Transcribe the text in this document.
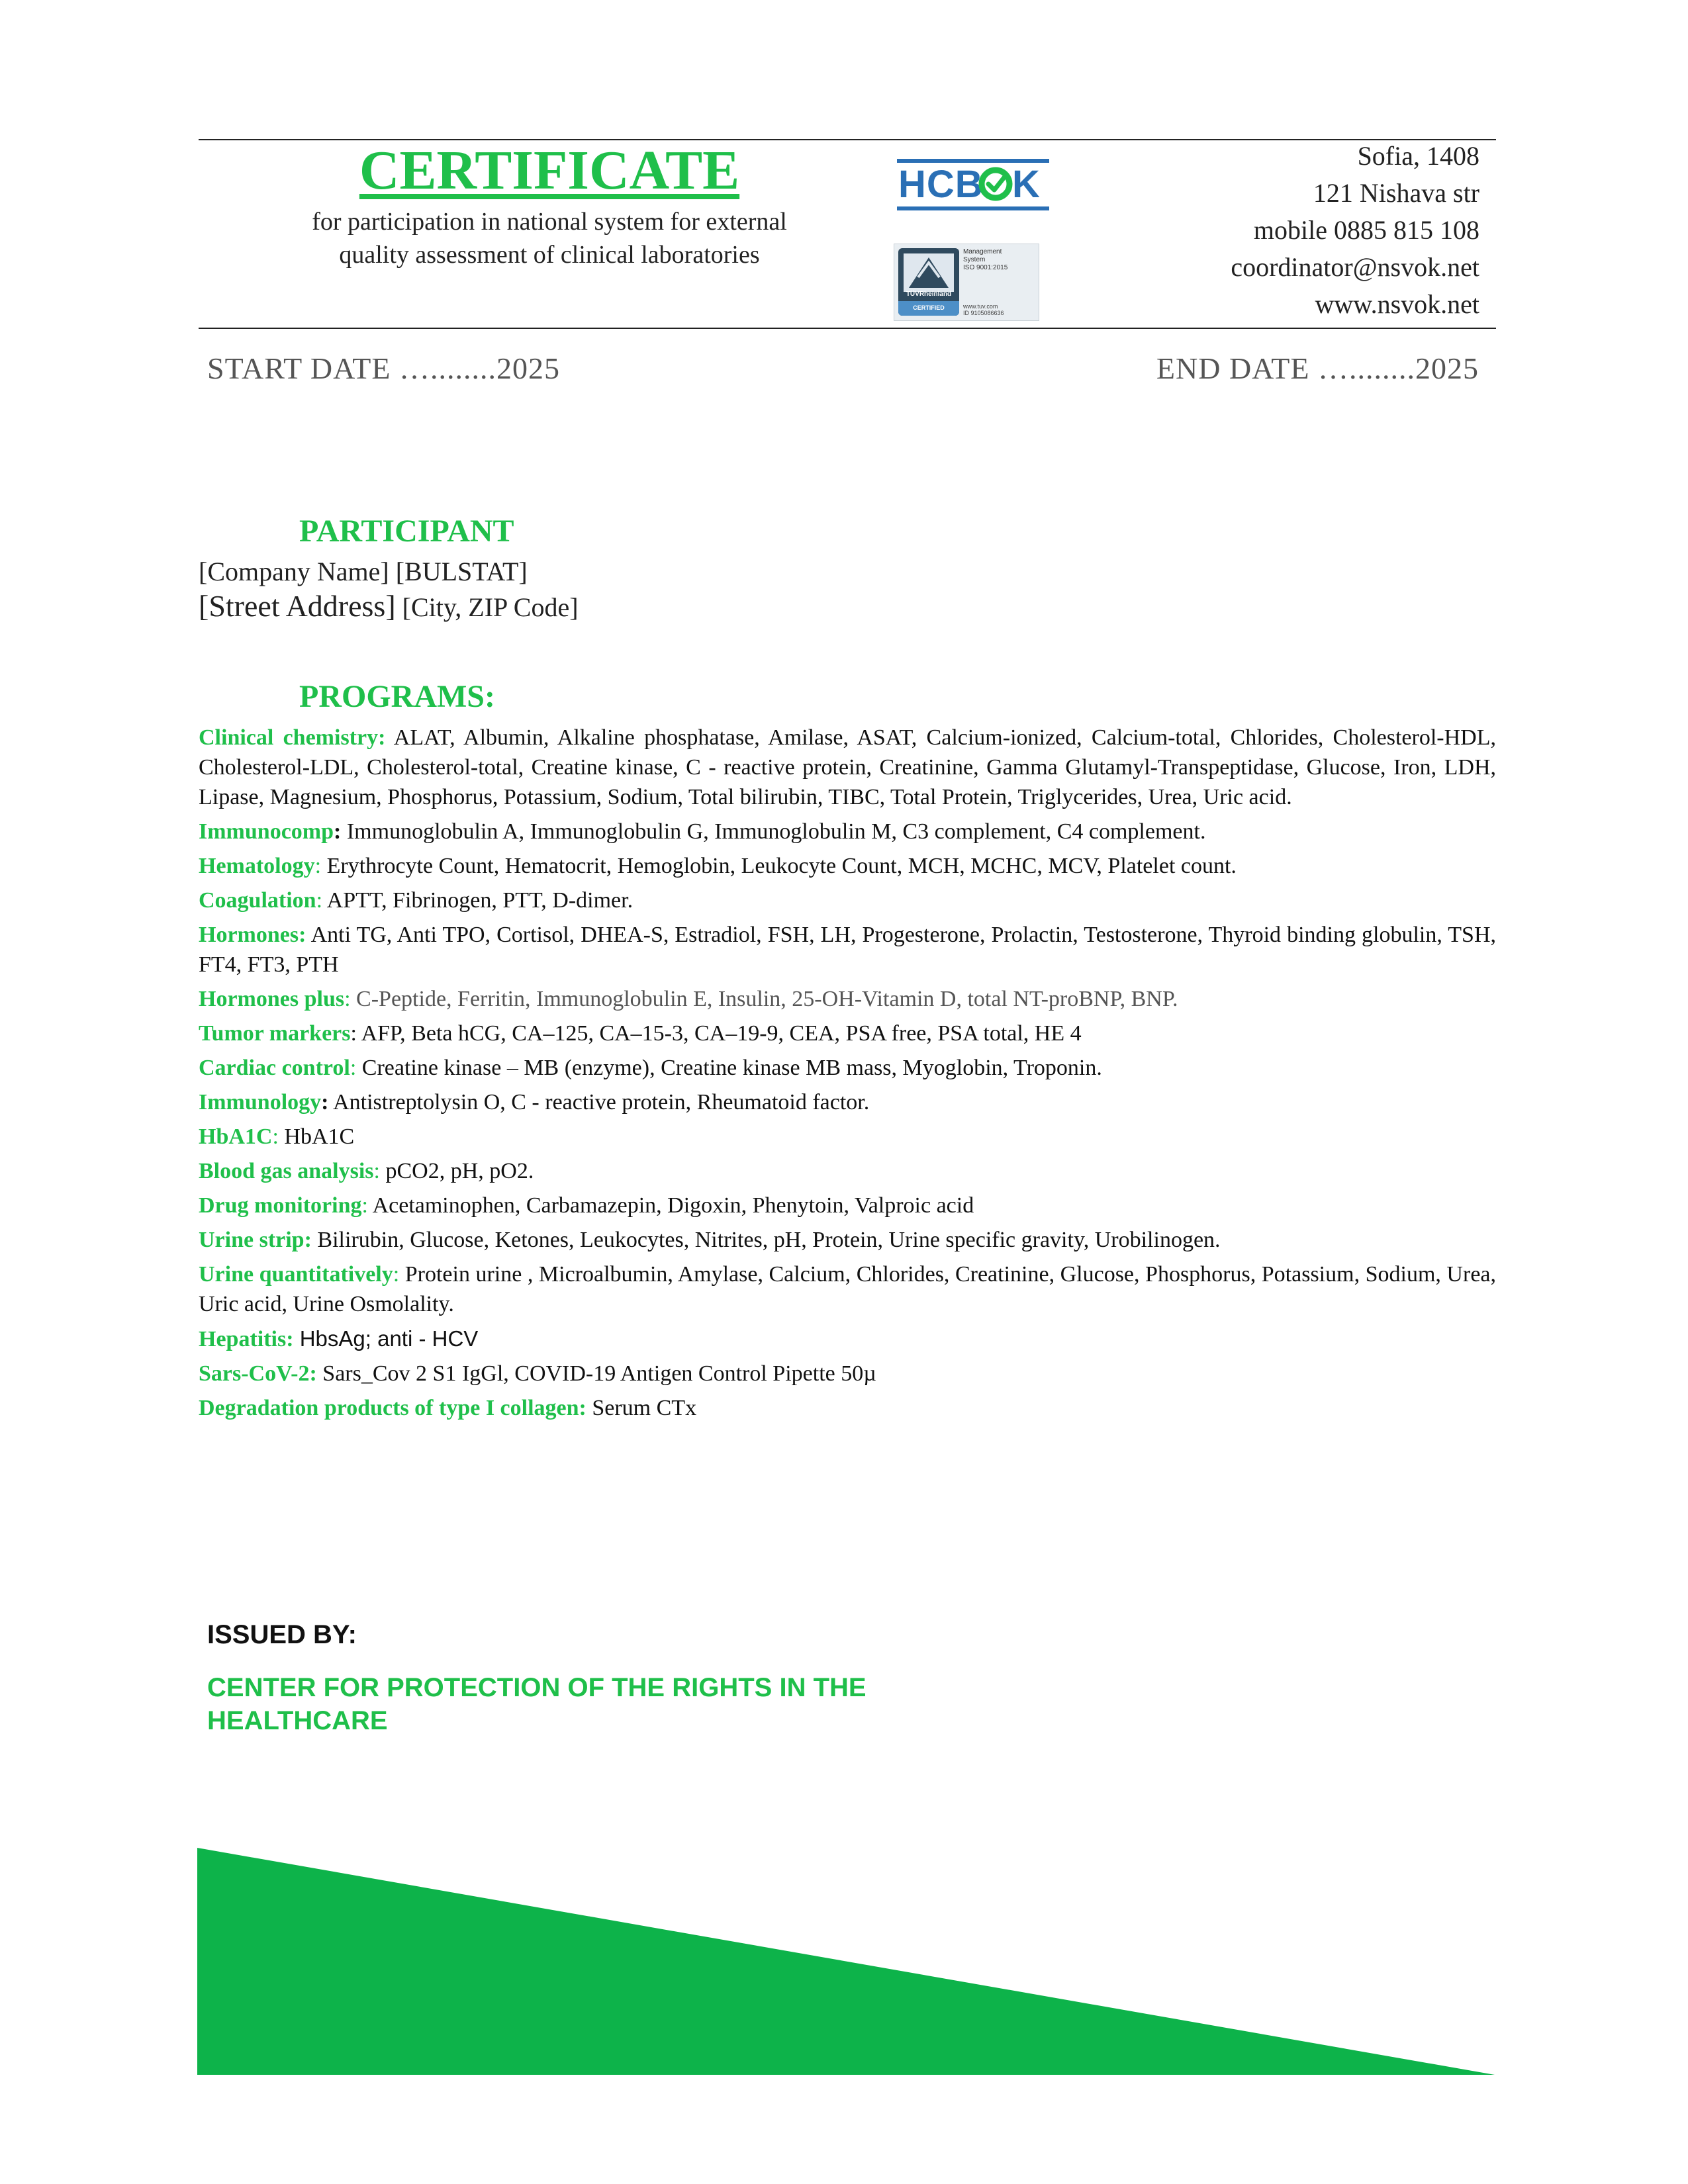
CERTIFICATE
for participation in national system for external
quality assessment of clinical laboratories
HCB K
Management
System
ISO 9001:2015
www.tuv.com
ID 9105086636
TÜVRheinland
CERTIFIED
Sofia, 1408
121 Nishava str
mobile 0885 815 108
coordinator@nsvok.net
www.nsvok.net
START DATE …........2025	END DATE …........2025
PARTICIPANT
[Company Name] [BULSTAT]
[Street Address] [City, ZIP Code]
PROGRAMS:
Clinical chemistry: ALAT, Albumin, Alkaline phosphatase, Amilase, ASAT, Calcium-ionized, Calcium-total, Chlorides, Cholesterol-HDL, Cholesterol-LDL, Cholesterol-total, Creatine kinase, C - reactive protein, Creatinine, Gamma Glutamyl-Transpeptidase, Glucose, Iron, LDH, Lipase, Magnesium, Phosphorus, Potassium, Sodium, Total bilirubin, TIBC, Total Protein, Triglycerides, Urea, Uric acid.
Immunocomp: Immunoglobulin A, Immunoglobulin G, Immunoglobulin M, C3 complement, C4 complement.
Hematology: Erythrocyte Count, Hematocrit, Hemoglobin, Leukocyte Count, MCH, MCHC, MCV, Platelet count.
Coagulation: APTT, Fibrinogen, PTT, D-dimer.
Hormones: Anti TG, Anti TPO, Cortisol, DHEA-S, Estradiol, FSH, LH, Progesterone, Prolactin, Testosterone, Thyroid binding globulin, TSH, FT4, FT3, PTH
Hormones plus: C-Peptide, Ferritin, Immunoglobulin E, Insulin, 25-OH-Vitamin D, total NT-proBNP, BNP.
Tumor markers: AFP, Beta hCG, CA–125, CA–15-3, CA–19-9, CEA, PSA free, PSA total, HE 4
Cardiac control: Creatine kinase – MB (enzyme), Creatine kinase MB mass, Myoglobin, Troponin.
Immunology: Antistreptolysin O, C - reactive protein, Rheumatoid factor.
HbA1C: HbA1C
Blood gas analysis: pCO2, pH, pO2.
Drug monitoring: Acetaminophen, Carbamazepin, Digoxin, Phenytoin, Valproic acid
Urine strip: Bilirubin, Glucose, Ketones, Leukocytes, Nitrites, pH, Protein, Urine specific gravity, Urobilinogen.
Urine quantitatively: Protein urine , Microalbumin, Amylase, Calcium, Chlorides, Creatinine, Glucose, Phosphorus, Potassium, Sodium, Urea, Uric acid, Urine Osmolality.
Hepatitis: HbsAg; anti - HCV
Sars-CoV-2: Sars_Cov 2 S1 IgGl, COVID-19 Antigen Control Pipette 50µ
Degradation products of type I collagen: Serum CTx
ISSUED BY:
CENTER FOR PROTECTION OF THE RIGHTS IN THE HEALTHCARE
